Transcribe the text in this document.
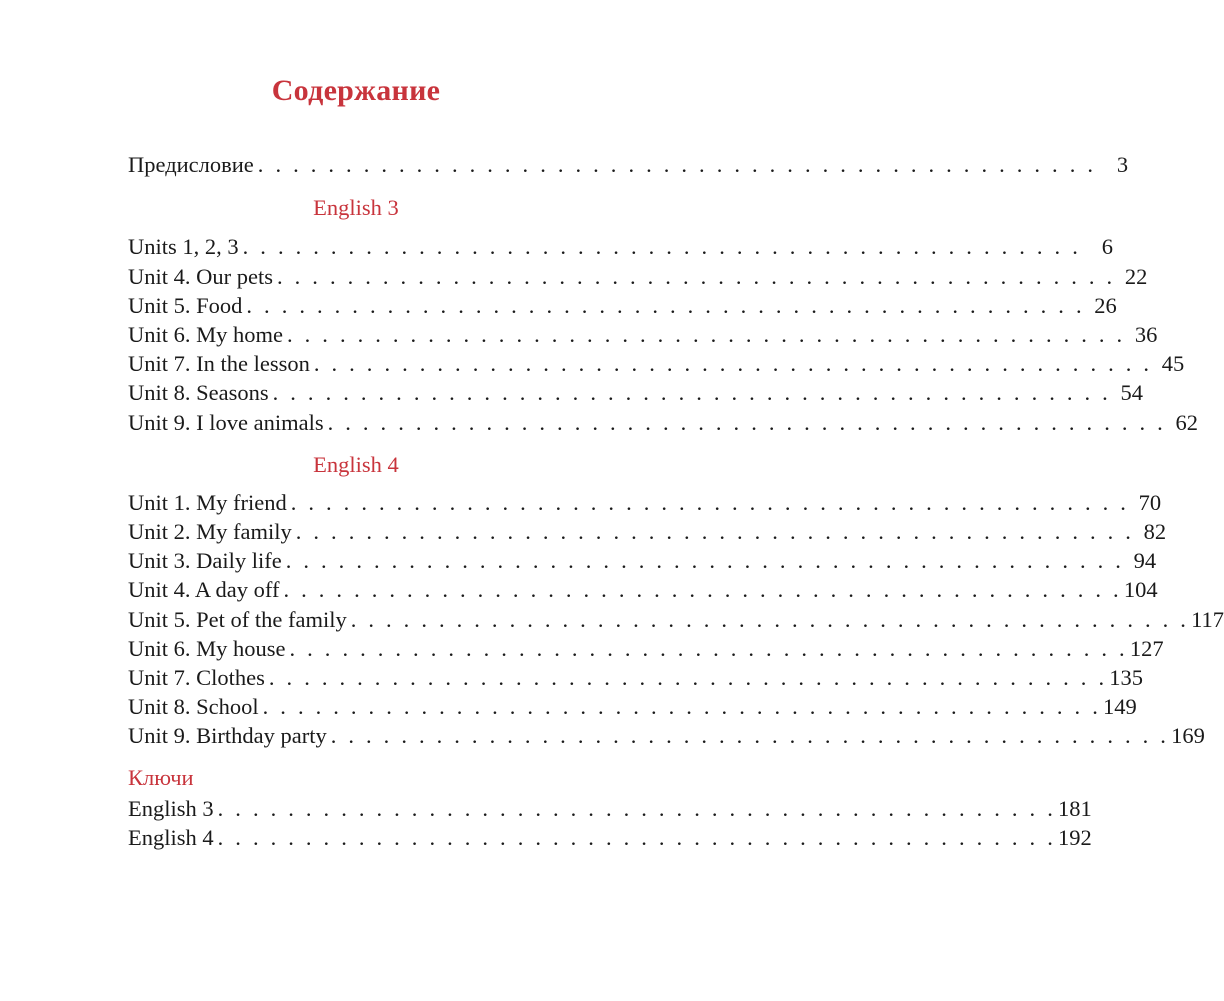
Содержание
Предисловие . . . . . . . . . . . . . . . . . . . . . . . . . . . . . . . . . . . . . . . . . . . . . . . . 3
English 3
Units 1, 2, 3 . . . . . . . . . . . . . . . . . . . . . . . . . . . . . . . . . . . . . . . . . . . . . . . . 6
Unit 4. Our pets . . . . . . . . . . . . . . . . . . . . . . . . . . . . . . . . . . . . . . . . . . . . . . . . 22
Unit 5. Food . . . . . . . . . . . . . . . . . . . . . . . . . . . . . . . . . . . . . . . . . . . . . . . . 26
Unit 6. My home . . . . . . . . . . . . . . . . . . . . . . . . . . . . . . . . . . . . . . . . . . . . . . . . 36
Unit 7. In the lesson . . . . . . . . . . . . . . . . . . . . . . . . . . . . . . . . . . . . . . . . . . . . . . . . 45
Unit 8. Seasons . . . . . . . . . . . . . . . . . . . . . . . . . . . . . . . . . . . . . . . . . . . . . . . . 54
Unit 9. I love animals . . . . . . . . . . . . . . . . . . . . . . . . . . . . . . . . . . . . . . . . . . . . . . . . 62
English 4
Unit 1. My friend . . . . . . . . . . . . . . . . . . . . . . . . . . . . . . . . . . . . . . . . . . . . . . . . 70
Unit 2. My family . . . . . . . . . . . . . . . . . . . . . . . . . . . . . . . . . . . . . . . . . . . . . . . . 82
Unit 3. Daily life . . . . . . . . . . . . . . . . . . . . . . . . . . . . . . . . . . . . . . . . . . . . . . . . 94
Unit 4. A day off . . . . . . . . . . . . . . . . . . . . . . . . . . . . . . . . . . . . . . . . . . . . . . . . 104
Unit 5. Pet of the family . . . . . . . . . . . . . . . . . . . . . . . . . . . . . . . . . . . . . . . . . . . . . . . . 117
Unit 6. My house . . . . . . . . . . . . . . . . . . . . . . . . . . . . . . . . . . . . . . . . . . . . . . . . 127
Unit 7. Clothes . . . . . . . . . . . . . . . . . . . . . . . . . . . . . . . . . . . . . . . . . . . . . . . . 135
Unit 8. School . . . . . . . . . . . . . . . . . . . . . . . . . . . . . . . . . . . . . . . . . . . . . . . . 149
Unit 9. Birthday party . . . . . . . . . . . . . . . . . . . . . . . . . . . . . . . . . . . . . . . . . . . . . . . . 169
Ключи
English 3 . . . . . . . . . . . . . . . . . . . . . . . . . . . . . . . . . . . . . . . . . . . . . . . . 181
English 4 . . . . . . . . . . . . . . . . . . . . . . . . . . . . . . . . . . . . . . . . . . . . . . . . 192
